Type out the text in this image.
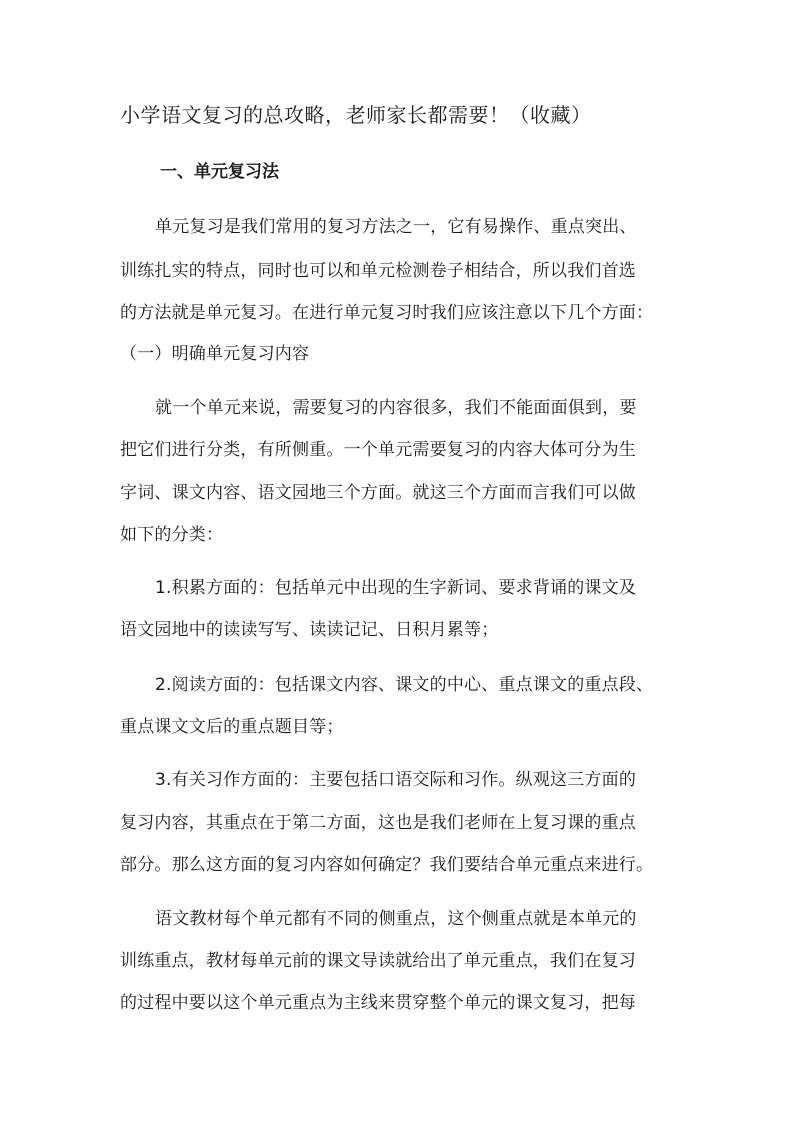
小学语文复习的总攻略，老师家长都需要！（收藏）
一、单元复习法
单元复习是我们常用的复习方法之一，它有易操作、重点突出、
训练扎实的特点，同时也可以和单元检测卷子相结合，所以我们首选
的方法就是单元复习。在进行单元复习时我们应该注意以下几个方面：
（一）明确单元复习内容
就一个单元来说，需要复习的内容很多，我们不能面面俱到，要
把它们进行分类，有所侧重。一个单元需要复习的内容大体可分为生
字词、课文内容、语文园地三个方面。就这三个方面而言我们可以做
如下的分类：
1.积累方面的：包括单元中出现的生字新词、要求背诵的课文及
语文园地中的读读写写、读读记记、日积月累等；
2.阅读方面的：包括课文内容、课文的中心、重点课文的重点段、
重点课文文后的重点题目等；
3.有关习作方面的：主要包括口语交际和习作。纵观这三方面的
复习内容，其重点在于第二方面，这也是我们老师在上复习课的重点
部分。那么这方面的复习内容如何确定？我们要结合单元重点来进行。
语文教材每个单元都有不同的侧重点，这个侧重点就是本单元的
训练重点，教材每单元前的课文导读就给出了单元重点，我们在复习
的过程中要以这个单元重点为主线来贯穿整个单元的课文复习，把每
